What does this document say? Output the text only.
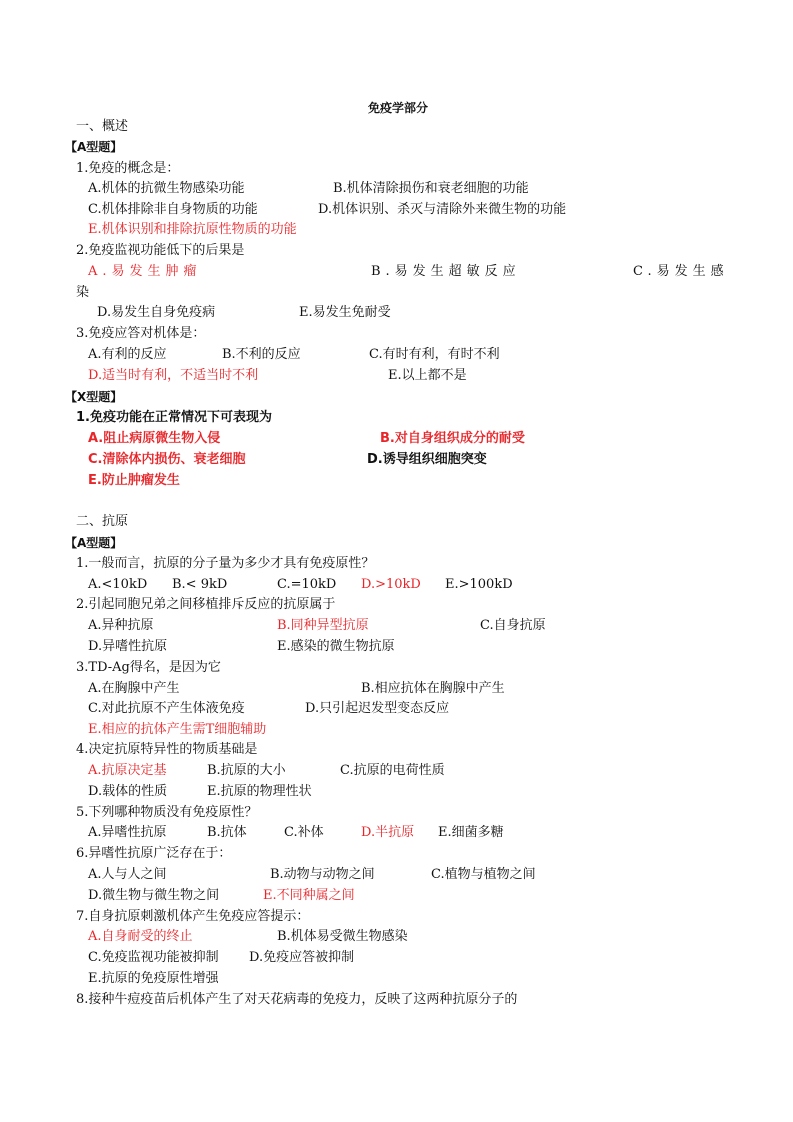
免疫学部分
一、概述
【A型题】
1.免疫的概念是：
A.机体的抗微生物感染功能	B.机体清除损伤和衰老细胞的功能
C.机体排除非自身物质的功能	D.机体识别、杀灭与清除外来微生物的功能
E.机体识别和排除抗原性物质的功能
2.免疫监视功能低下的后果是
A.易发生肿瘤	B.易发生超敏反应	C.易发生感
染
D.易发生自身免疫病	E.易发生免耐受
3.免疫应答对机体是：
A.有利的反应	B.不利的反应	C.有时有利，有时不利
D.适当时有利，不适当时不利	E.以上都不是
【X型题】
1.免疫功能在正常情况下可表现为
A.阻止病原微生物入侵	B.对自身组织成分的耐受
C.清除体内损伤、衰老细胞	D.诱导组织细胞突变
E.防止肿瘤发生
二、抗原
【A型题】
1.一般而言，抗原的分子量为多少才具有免疫原性？
A.<10kD B.< 9kD	C.=10kD D.>10kD E.>100kD
2.引起同胞兄弟之间移植排斥反应的抗原属于
A.异种抗原	B.同种异型抗原	C.自身抗原
D.异嗜性抗原	E.感染的微生物抗原
3.TD-Ag得名，是因为它
A.在胸腺中产生	B.相应抗体在胸腺中产生
C.对此抗原不产生体液免疫	D.只引起迟发型变态反应
E.相应的抗体产生需T细胞辅助
4.决定抗原特异性的物质基础是
A.抗原决定基	B.抗原的大小	C.抗原的电荷性质
D.载体的性质	E.抗原的物理性状
5.下列哪种物质没有免疫原性？
A.异嗜性抗原	B.抗体	C.补体	D.半抗原 E.细菌多糖
6.异嗜性抗原广泛存在于：
A.人与人之间	B.动物与动物之间	C.植物与植物之间
D.微生物与微生物之间	E.不同种属之间
7.自身抗原刺激机体产生免疫应答提示：
A.自身耐受的终止	B.机体易受微生物感染
C.免疫监视功能被抑制 D.免疫应答被抑制
E.抗原的免疫原性增强
8.接种牛痘疫苗后机体产生了对天花病毒的免疫力，反映了这两种抗原分子的
